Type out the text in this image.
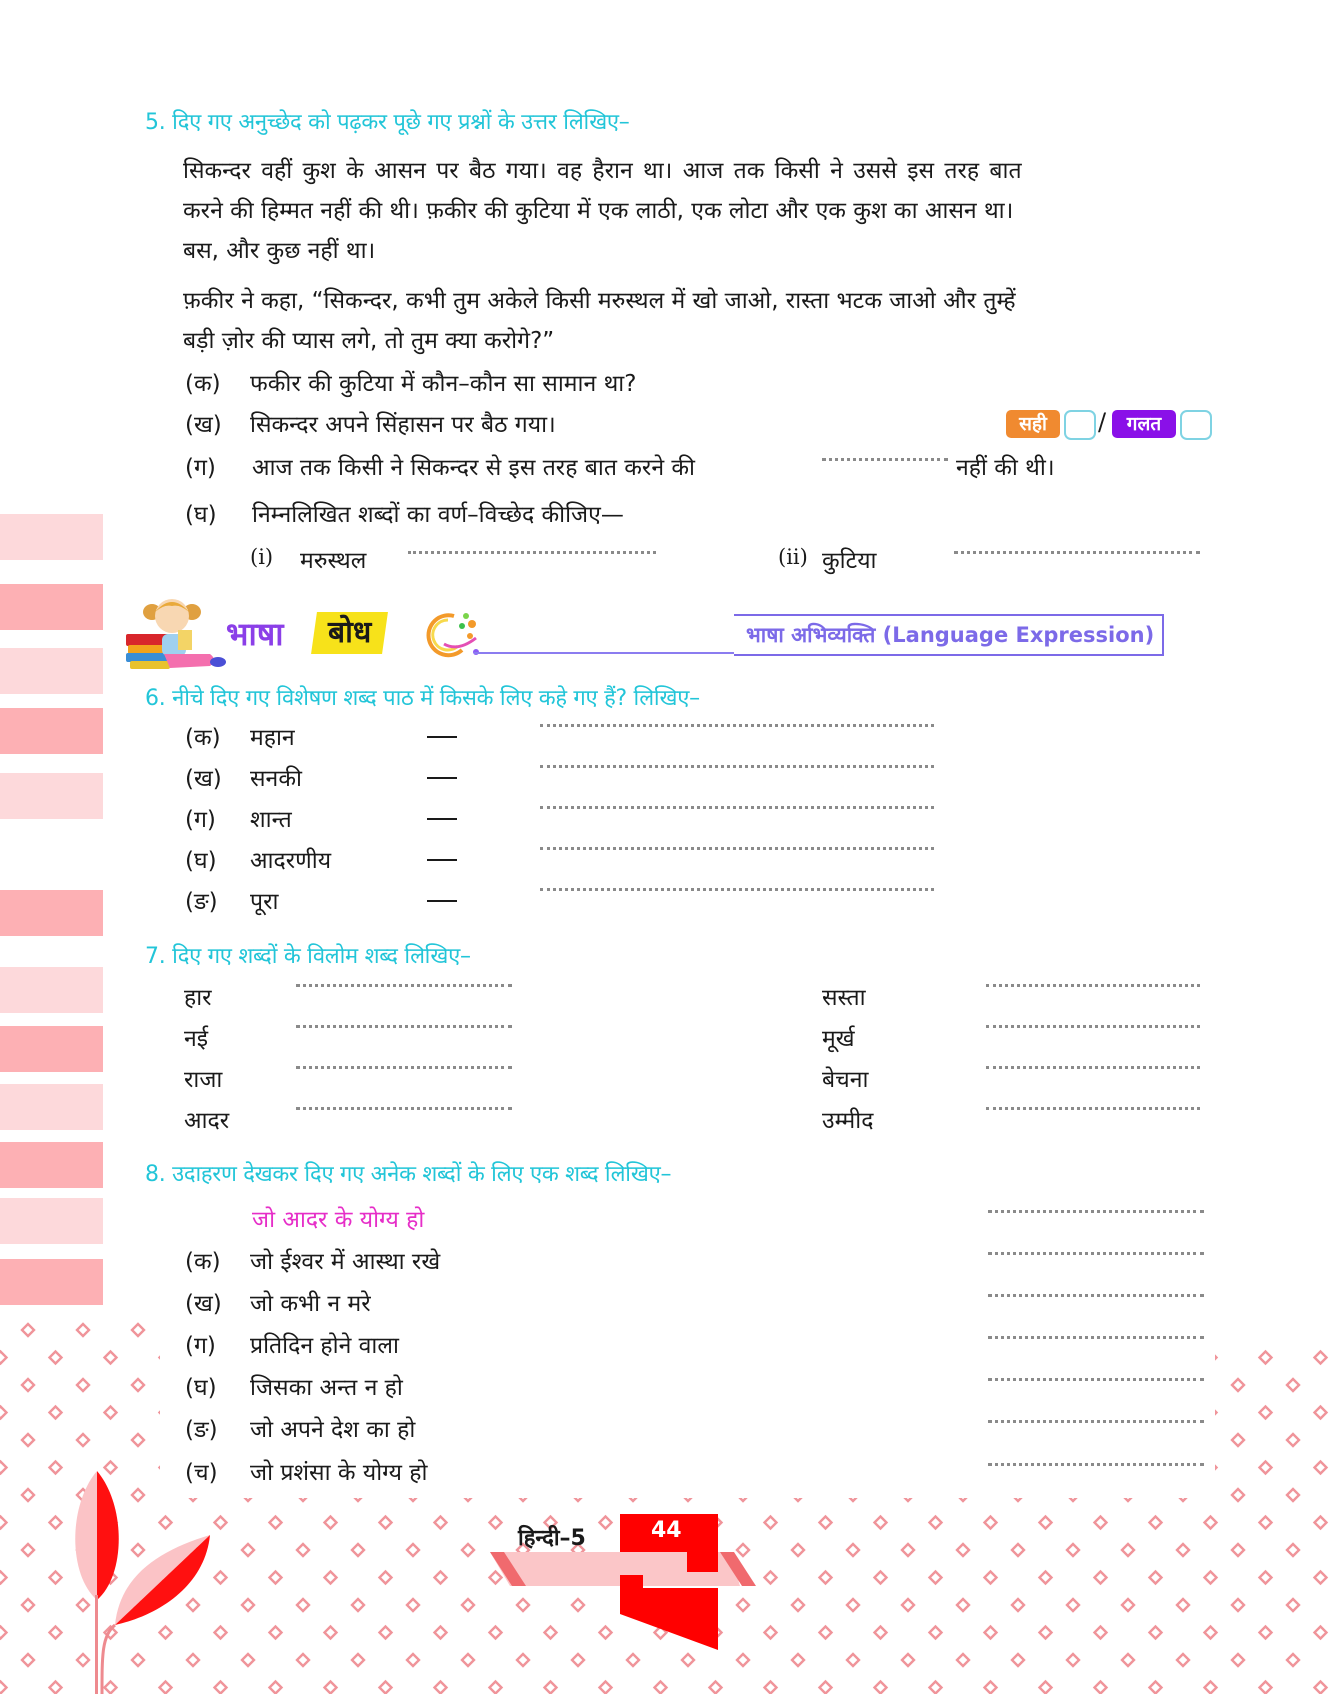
5. दिए गए अनुच्छेद को पढ़कर पूछे गए प्रश्नों के उत्तर लिखिए–
सिकन्दर वहीं कुश के आसन पर बैठ गया। वह हैरान था। आज तक किसी ने उससे इस तरह बात
करने की हिम्मत नहीं की थी। फ़कीर की कुटिया में एक लाठी, एक लोटा और एक कुश का आसन था।
बस, और कुछ नहीं था।
फ़कीर ने कहा, “सिकन्दर, कभी तुम अकेले किसी मरुस्थल में खो जाओ, रास्ता भटक जाओ और तुम्हें
बड़ी ज़ोर की प्यास लगे, तो तुम क्या करोगे?”
(क) फकीर की कुटिया में कौन–कौन सा सामान था?
(ख) सिकन्दर अपने सिंहासन पर बैठ गया।	सही	/	गलत
(ग) आज तक किसी ने सिकन्दर से इस तरह बात करने की	नहीं की थी।
(घ) निम्नलिखित शब्दों का वर्ण–विच्छेद कीजिए—
(i) मरुस्थल	(ii) कुटिया
भाषा	बोध	भाषा अभिव्यक्ति (Language Expression)
6. नीचे दिए गए विशेषण शब्द पाठ में किसके लिए कहे गए हैं? लिखिए–
(क) महान
(ख) सनकी
(ग) शान्त
(घ) आदरणीय
(ङ) पूरा
7. दिए गए शब्दों के विलोम शब्द लिखिए–
हार	सस्ता
नई	मूर्ख
राजा	बेचना
आदर	उम्मीद
8. उदाहरण देखकर दिए गए अनेक शब्दों के लिए एक शब्द लिखिए–
जो आदर के योग्य हो
(क) जो ईश्वर में आस्था रखे
(ख) जो कभी न मरे
(ग) प्रतिदिन होने वाला
(घ) जिसका अन्त न हो
(ङ) जो अपने देश का हो
(च) जो प्रशंसा के योग्य हो
हिन्दी–5	44
